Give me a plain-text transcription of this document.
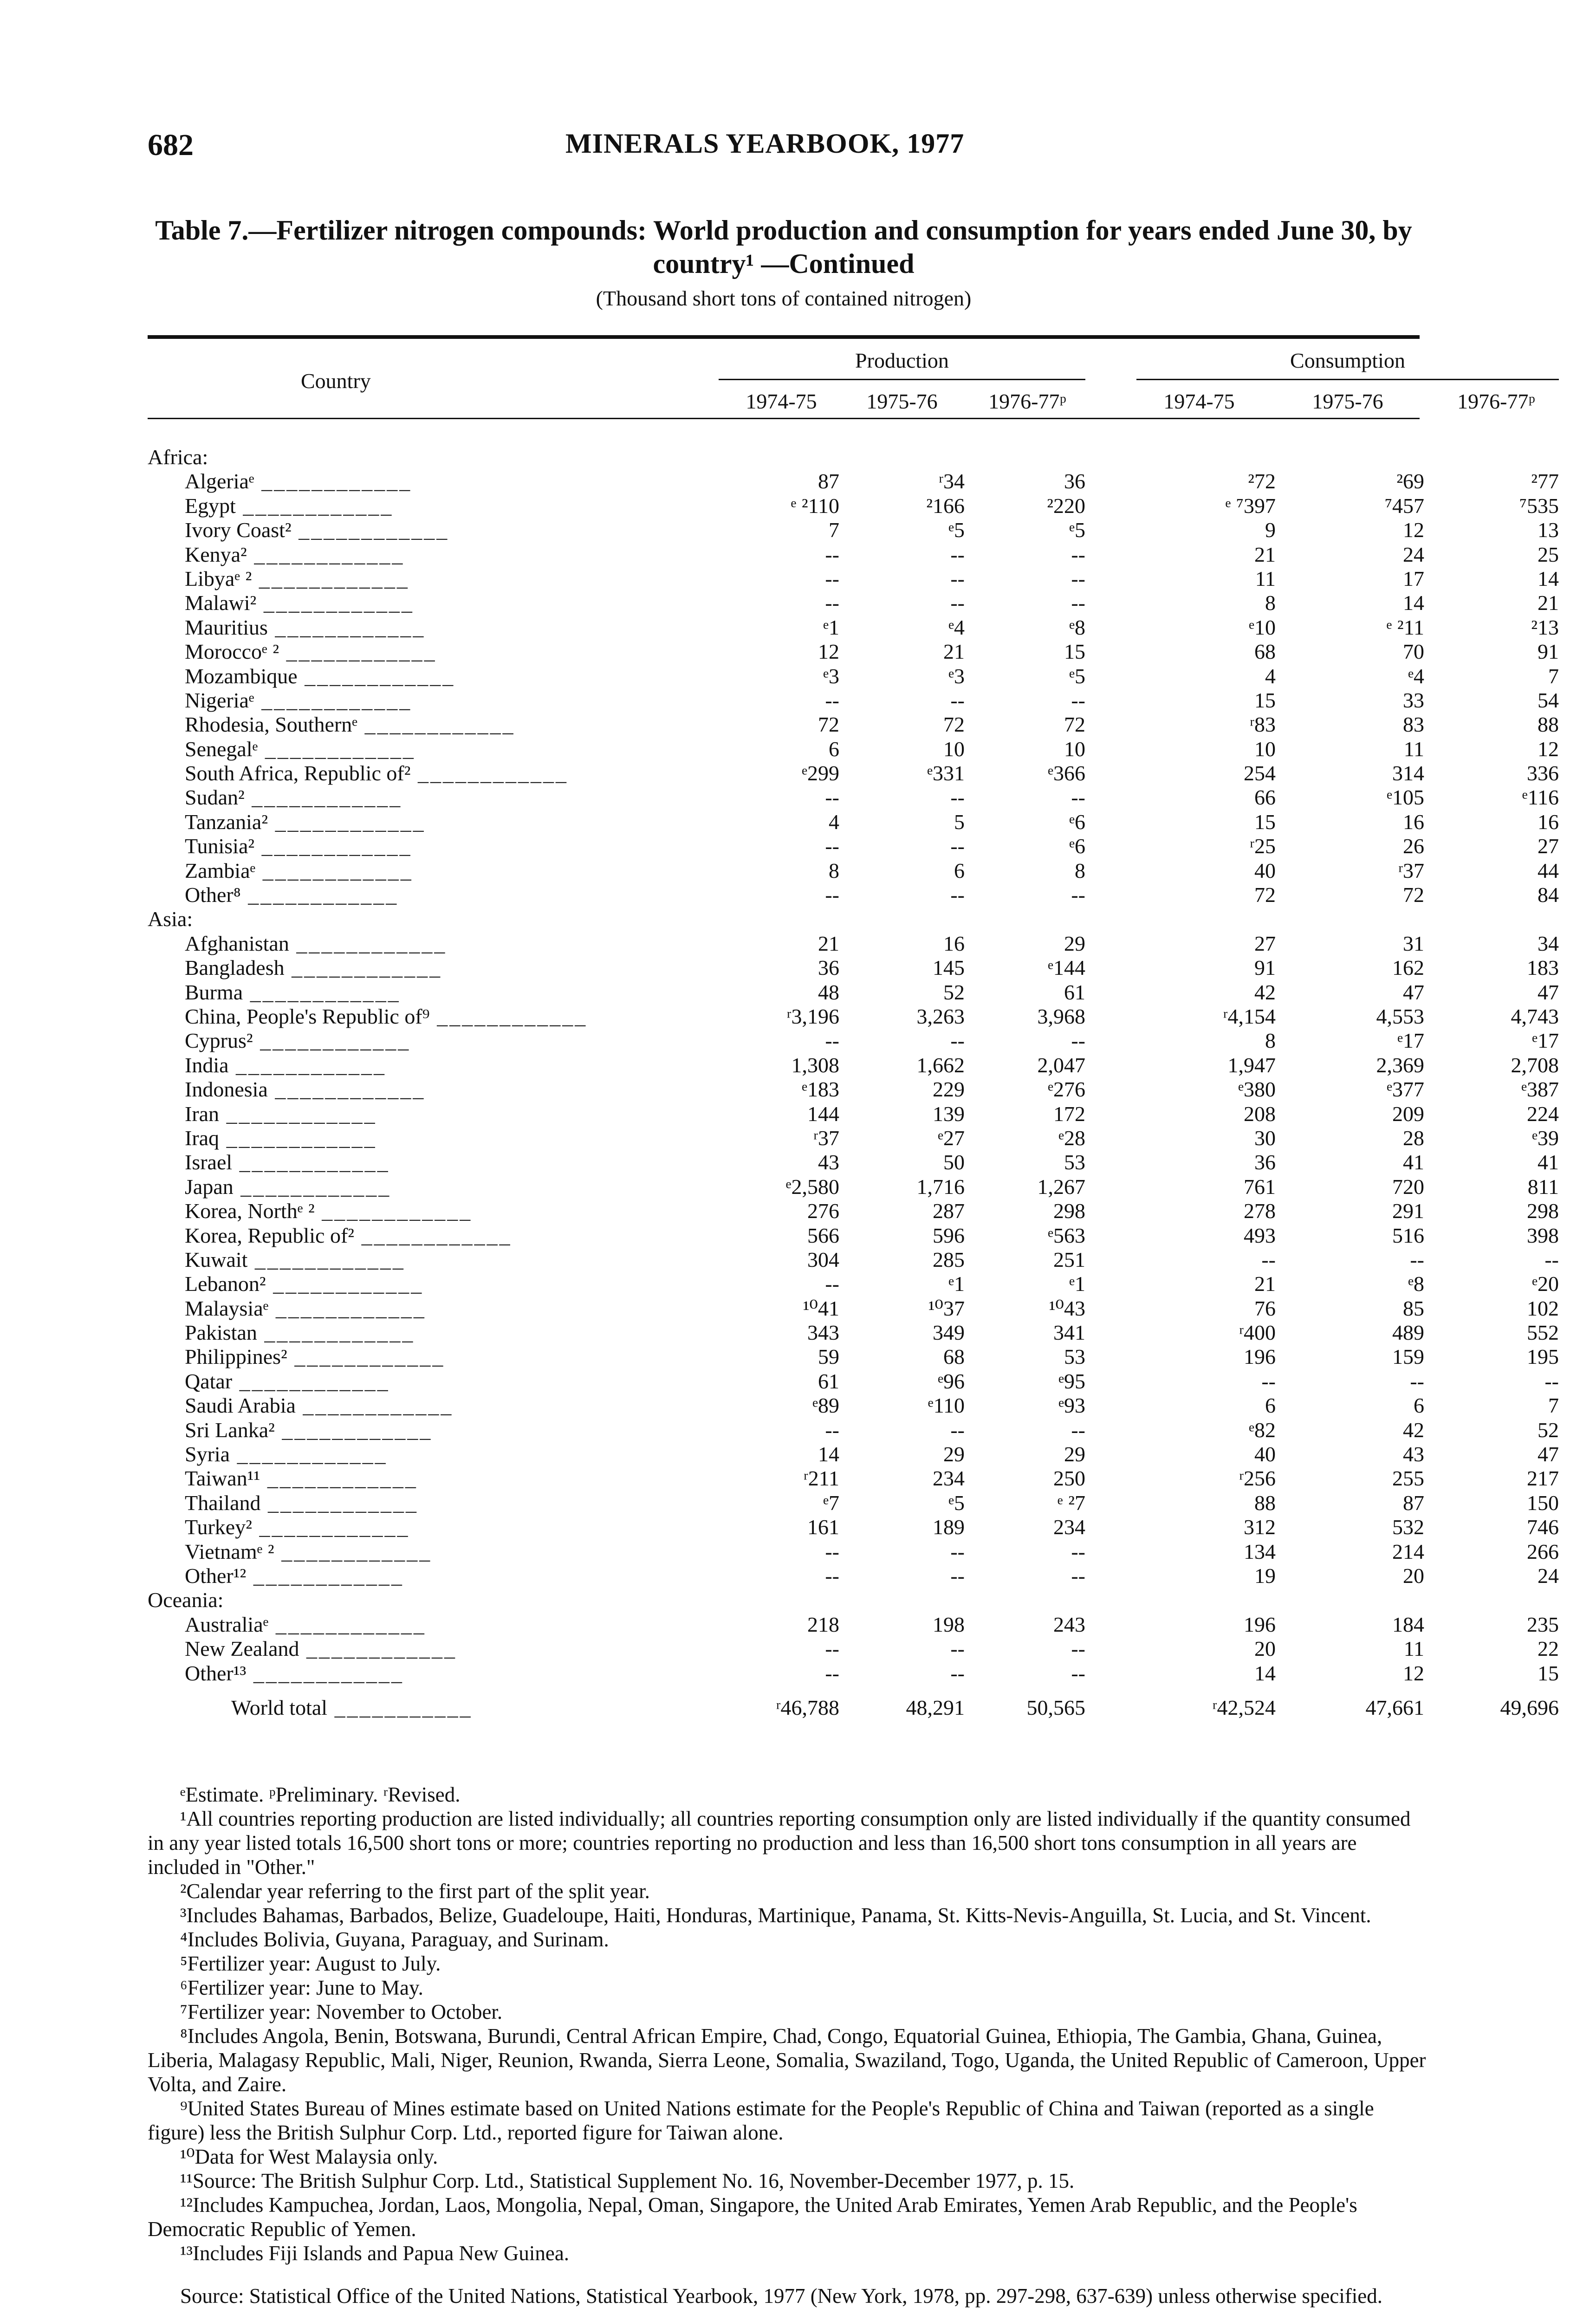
682	MINERALS YEARBOOK, 1977
Table 7.—Fertilizer nitrogen compounds: World production and consumption for years ended June 30, by country¹ —Continued
(Thousand short tons of contained nitrogen)
Country
Production	Consumption
1974-75	1975-76	1976-77ᵖ	1974-75	1975-76	1976-77ᵖ
Africa:
Algeriaᵉ ____________	87	ʳ34	36	²72	²69	²77
Egypt ____________	ᵉ ²110	²166	²220	ᵉ ⁷397	⁷457	⁷535
Ivory Coast² ____________	7	ᵉ5	ᵉ5	9	12	13
Kenya² ____________	--	--	--	21	24	25
Libyaᵉ ² ____________	--	--	--	11	17	14
Malawi² ____________	--	--	--	8	14	21
Mauritius ____________	ᵉ1	ᵉ4	ᵉ8	ᵉ10	ᵉ ²11	²13
Moroccoᵉ ² ____________	12	21	15	68	70	91
Mozambique ____________	ᵉ3	ᵉ3	ᵉ5	4	ᵉ4	7
Nigeriaᵉ ____________	--	--	--	15	33	54
Rhodesia, Southernᵉ ____________	72	72	72	ʳ83	83	88
Senegalᵉ ____________	6	10	10	10	11	12
South Africa, Republic of² ____________	ᵉ299	ᵉ331	ᵉ366	254	314	336
Sudan² ____________	--	--	--	66	ᵉ105	ᵉ116
Tanzania² ____________	4	5	ᵉ6	15	16	16
Tunisia² ____________	--	--	ᵉ6	ʳ25	26	27
Zambiaᵉ ____________	8	6	8	40	ʳ37	44
Other⁸ ____________	--	--	--	72	72	84
Asia:
Afghanistan ____________	21	16	29	27	31	34
Bangladesh ____________	36	145	ᵉ144	91	162	183
Burma ____________	48	52	61	42	47	47
China, People's Republic of⁹ ____________	ʳ3,196	3,263	3,968	ʳ4,154	4,553	4,743
Cyprus² ____________	--	--	--	8	ᵉ17	ᵉ17
India ____________	1,308	1,662	2,047	1,947	2,369	2,708
Indonesia ____________	ᵉ183	229	ᵉ276	ᵉ380	ᵉ377	ᵉ387
Iran ____________	144	139	172	208	209	224
Iraq ____________	ʳ37	ᵉ27	ᵉ28	30	28	ᵉ39
Israel ____________	43	50	53	36	41	41
Japan ____________	ᵉ2,580	1,716	1,267	761	720	811
Korea, Northᵉ ² ____________	276	287	298	278	291	298
Korea, Republic of² ____________	566	596	ᵉ563	493	516	398
Kuwait ____________	304	285	251	--	--	--
Lebanon² ____________	--	ᵉ1	ᵉ1	21	ᵉ8	ᵉ20
Malaysiaᵉ ____________	¹⁰41	¹⁰37	¹⁰43	76	85	102
Pakistan ____________	343	349	341	ʳ400	489	552
Philippines² ____________	59	68	53	196	159	195
Qatar ____________	61	ᵉ96	ᵉ95	--	--	--
Saudi Arabia ____________	ᵉ89	ᵉ110	ᵉ93	6	6	7
Sri Lanka² ____________	--	--	--	ᵉ82	42	52
Syria ____________	14	29	29	40	43	47
Taiwan¹¹ ____________	ʳ211	234	250	ʳ256	255	217
Thailand ____________	ᵉ7	ᵉ5	ᵉ ²7	88	87	150
Turkey² ____________	161	189	234	312	532	746
Vietnamᵉ ² ____________	--	--	--	134	214	266
Other¹² ____________	--	--	--	19	20	24
Oceania:
Australiaᵉ ____________	218	198	243	196	184	235
New Zealand ____________	--	--	--	20	11	22
Other¹³ ____________	--	--	--	14	12	15
World total ___________	ʳ46,788	48,291	50,565	ʳ42,524	47,661	49,696

ᵉEstimate. ᵖPreliminary. ʳRevised.

¹All countries reporting production are listed individually; all countries reporting consumption only are listed individually if the quantity consumed in any year listed totals 16,500 short tons or more; countries reporting no production and less than 16,500 short tons consumption in all years are included in "Other."

²Calendar year referring to the first part of the split year.

³Includes Bahamas, Barbados, Belize, Guadeloupe, Haiti, Honduras, Martinique, Panama, St. Kitts-Nevis-Anguilla, St. Lucia, and St. Vincent.

⁴Includes Bolivia, Guyana, Paraguay, and Surinam.

⁵Fertilizer year: August to July.

⁶Fertilizer year: June to May.

⁷Fertilizer year: November to October.

⁸Includes Angola, Benin, Botswana, Burundi, Central African Empire, Chad, Congo, Equatorial Guinea, Ethiopia, The Gambia, Ghana, Guinea, Liberia, Malagasy Republic, Mali, Niger, Reunion, Rwanda, Sierra Leone, Somalia, Swaziland, Togo, Uganda, the United Republic of Cameroon, Upper Volta, and Zaire.

⁹United States Bureau of Mines estimate based on United Nations estimate for the People's Republic of China and Taiwan (reported as a single figure) less the British Sulphur Corp. Ltd., reported figure for Taiwan alone.

¹⁰Data for West Malaysia only.

¹¹Source: The British Sulphur Corp. Ltd., Statistical Supplement No. 16, November-December 1977, p. 15.

¹²Includes Kampuchea, Jordan, Laos, Mongolia, Nepal, Oman, Singapore, the United Arab Emirates, Yemen Arab Republic, and the People's Democratic Republic of Yemen.

¹³Includes Fiji Islands and Papua New Guinea.

Source: Statistical Office of the United Nations, Statistical Yearbook, 1977 (New York, 1978, pp. 297-298, 637-639) unless otherwise specified.
